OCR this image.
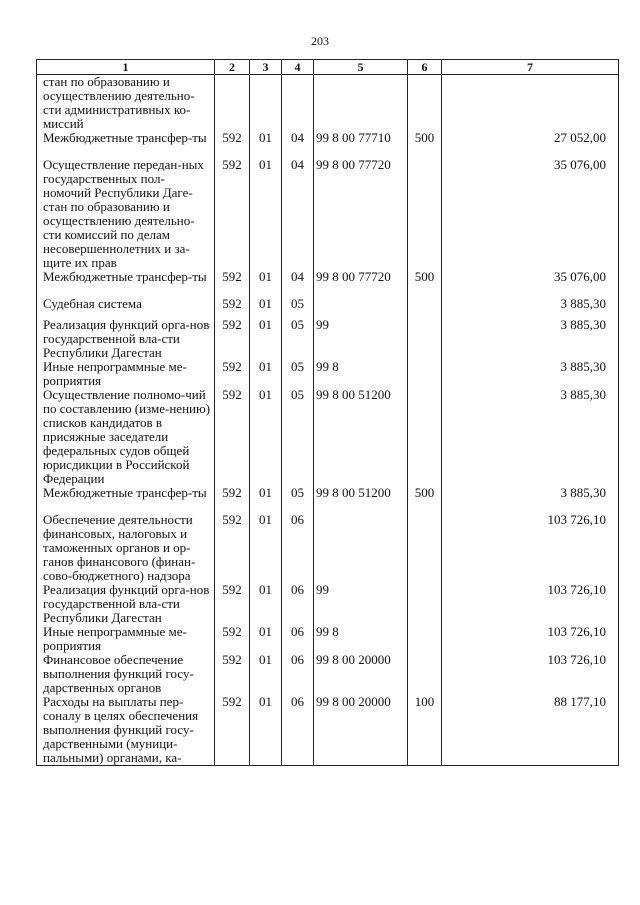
203
1	2	3	4	5	6	7

стан по образованию и осуществлению деятельно-сти административных ко-миссий						

Межбюджетные трансфер-ты	592	01	04	99 8 00 77710	500	27 052,00

Осуществление передан-ных государственных пол-номочий Республики Даге-стан по образованию и осуществлению деятельно-сти комиссий по делам несовершеннолетних и за-щите их прав	592	01	04	99 8 00 77720		35 076,00

Межбюджетные трансфер-ты	592	01	04	99 8 00 77720	500	35 076,00

Судебная система	592	01	05			3 885,30

Реализация функций орга-нов государственной вла-сти Республики Дагестан	592	01	05	99		3 885,30

Иные непрограммные ме-роприятия	592	01	05	99 8		3 885,30

Осуществление полномо-чий по составлению (изме-нению) списков кандидатов в присяжные заседатели федеральных судов общей юрисдикции в Российской Федерации	592	01	05	99 8 00 51200		3 885,30

Межбюджетные трансфер-ты	592	01	05	99 8 00 51200	500	3 885,30

Обеспечение деятельности финансовых, налоговых и таможенных органов и ор-ганов финансового (финан-сово-бюджетного) надзора	592	01	06			103 726,10

Реализация функций орга-нов государственной вла-сти Республики Дагестан	592	01	06	99		103 726,10

Иные непрограммные ме-роприятия	592	01	06	99 8		103 726,10

Финансовое обеспечение выполнения функций госу-дарственных органов	592	01	06	99 8 00 20000		103 726,10

Расходы на выплаты пер-соналу в целях обеспечения выполнения функций госу-дарственными (муници-пальными) органами, ка-	592	01	06	99 8 00 20000	100	88 177,10
